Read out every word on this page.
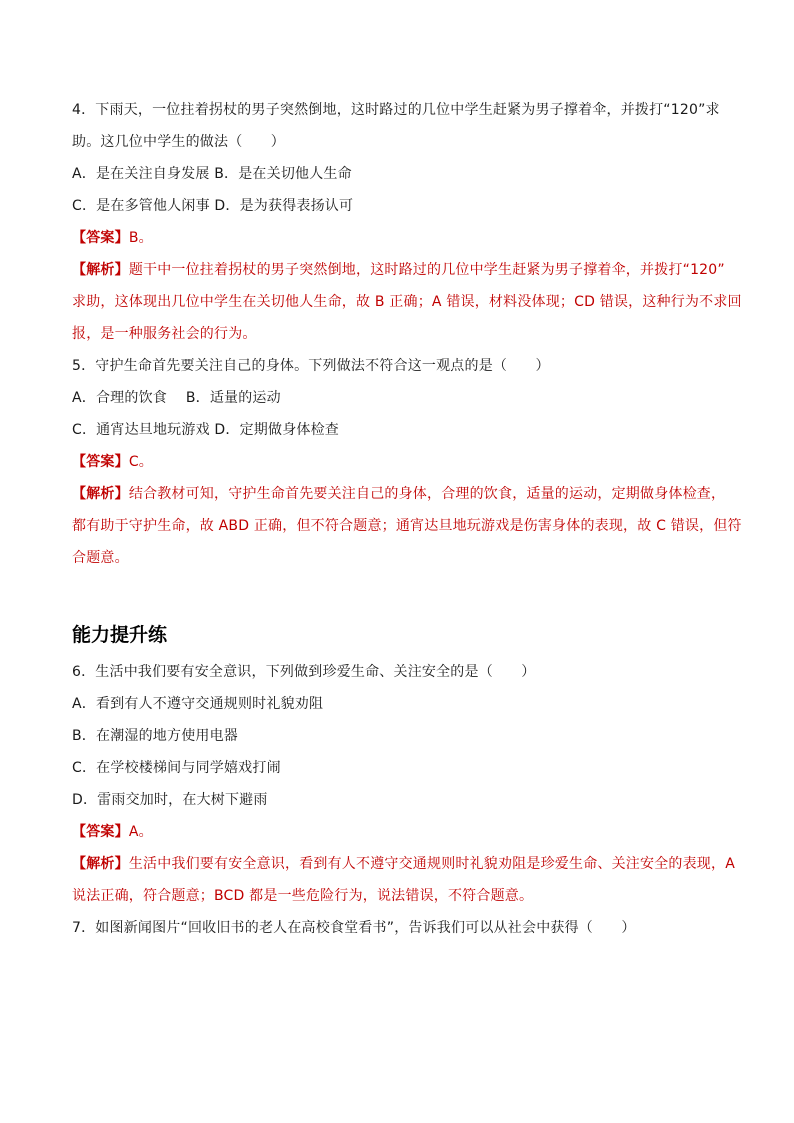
4．下雨天，一位拄着拐杖的男子突然倒地，这时路过的几位中学生赶紧为男子撑着伞，并拨打“120”求
助。这几位中学生的做法（　　）
A．是在关注自身发展 B．是在关切他人生命
C．是在多管他人闲事 D．是为获得表扬认可
【答案】B。
【解析】题干中一位拄着拐杖的男子突然倒地，这时路过的几位中学生赶紧为男子撑着伞，并拨打“120”
求助，这体现出几位中学生在关切他人生命，故 B 正确；A 错误，材料没体现；CD 错误，这种行为不求回
报，是一种服务社会的行为。
5．守护生命首先要关注自己的身体。下列做法不符合这一观点的是（　　）
A．合理的饮食　 B．适量的运动
C．通宵达旦地玩游戏 D．定期做身体检查
【答案】C。
【解析】结合教材可知，守护生命首先要关注自己的身体，合理的饮食，适量的运动，定期做身体检查，
都有助于守护生命，故 ABD 正确，但不符合题意；通宵达旦地玩游戏是伤害身体的表现，故 C 错误，但符
合题意。
能力提升练
6．生活中我们要有安全意识，下列做到珍爱生命、关注安全的是（　　）
A．看到有人不遵守交通规则时礼貌劝阻
B．在潮湿的地方使用电器
C．在学校楼梯间与同学嬉戏打闹
D．雷雨交加时，在大树下避雨
【答案】A。
【解析】生活中我们要有安全意识，看到有人不遵守交通规则时礼貌劝阻是珍爱生命、关注安全的表现，A
说法正确，符合题意；BCD 都是一些危险行为，说法错误，不符合题意。
7．如图新闻图片“回收旧书的老人在高校食堂看书”，告诉我们可以从社会中获得（　　）
